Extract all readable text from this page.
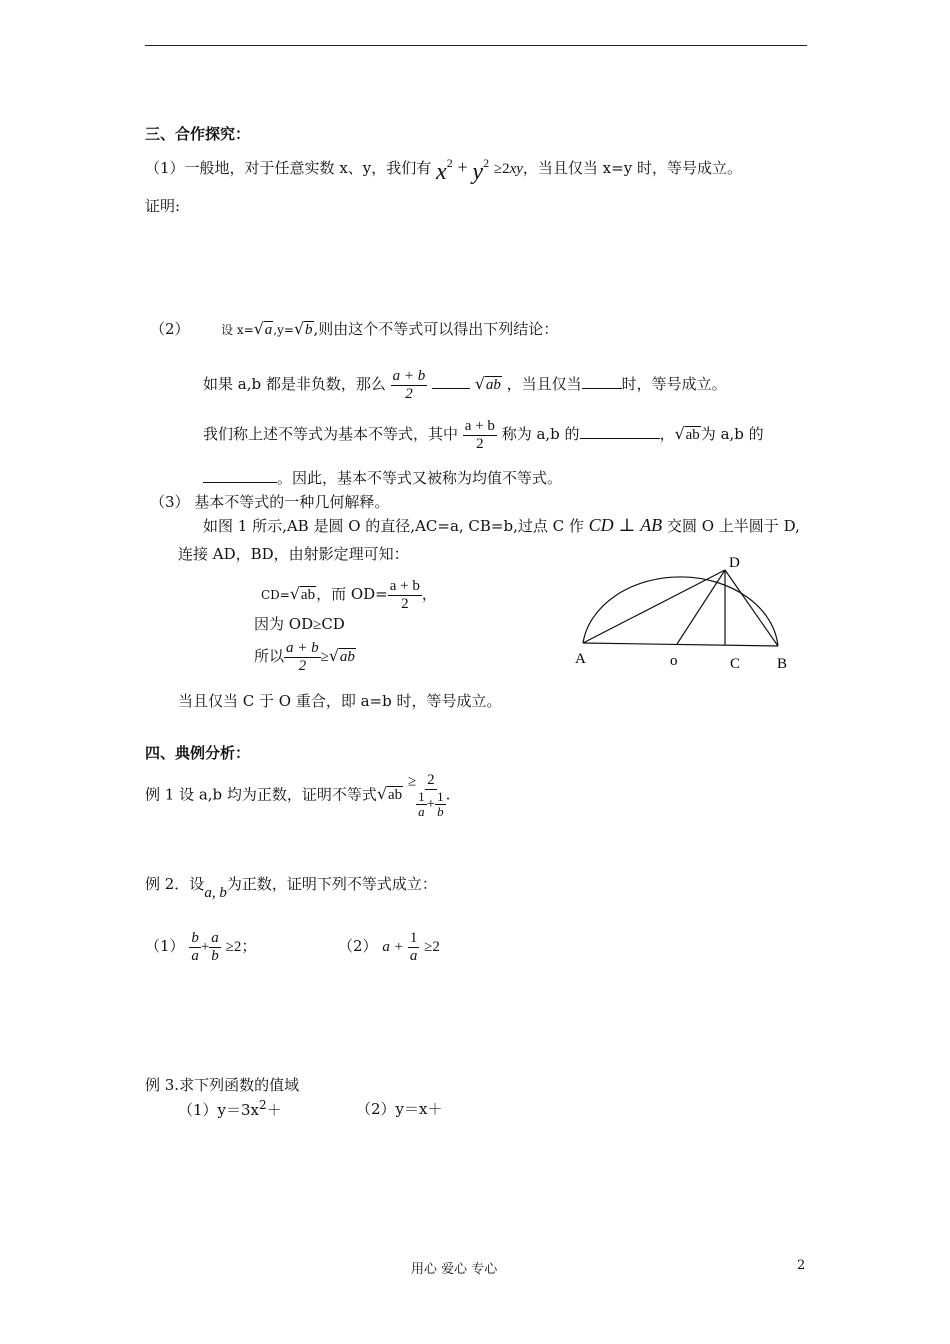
三、合作探究：
（1）一般地，对于任意实数 x、y，我们有 $x^2 + y^2 \ge 2xy$，当且仅当 x=y 时，等号成立。
证明:
（2）	设 x= √ a ,y= √ b ,则由这个不等式可以得出下列结论：
如果 a,b 都是非负数，那么 $\frac{a + b}{2}$
	√ ab ，当且仅当	时，等号成立。
我们称上述不等式为基本不等式，其中 $\frac{a + b}{2}$ 称为 a,b 的	， √ ab 为 a,b 的
。因此，基本不等式又被称为均值不等式。
（3） 基本不等式的一种几何解释。
如图 1 所示,AB 是圆 O 的直径,AC=a, CB=b,过点 C 作 CD ⊥ AB 交圆 O 上半圆于 D,
连接 AD，BD，由射影定理可知：
CD= √ ab ，而 $OD= \frac{a + b}{2}$ ，
因为 OD≥CD
所以 $\frac{a + b}{2}$ ≥ √ ab
当且仅当 C 于 O 重合，即 a=b 时，等号成立。
A	o	C B
D
四、典例分析：
例 1 设 a,b 均为正数，证明不等式 √ ab
≥ $\frac{2}{\frac{1}{a} + \frac{1}{b}}$ .
例 2．设a, b为正数，证明下列不等式成立：
$(1) \frac{b}{a} + \frac{a}{b} \ge 2$；	（2） $a + \frac{1}{a} \ge 2$
例 3.求下列函数的值域
$(1)y=3x^2+$	（2）y＝x＋
用心 爱心 专心	2
